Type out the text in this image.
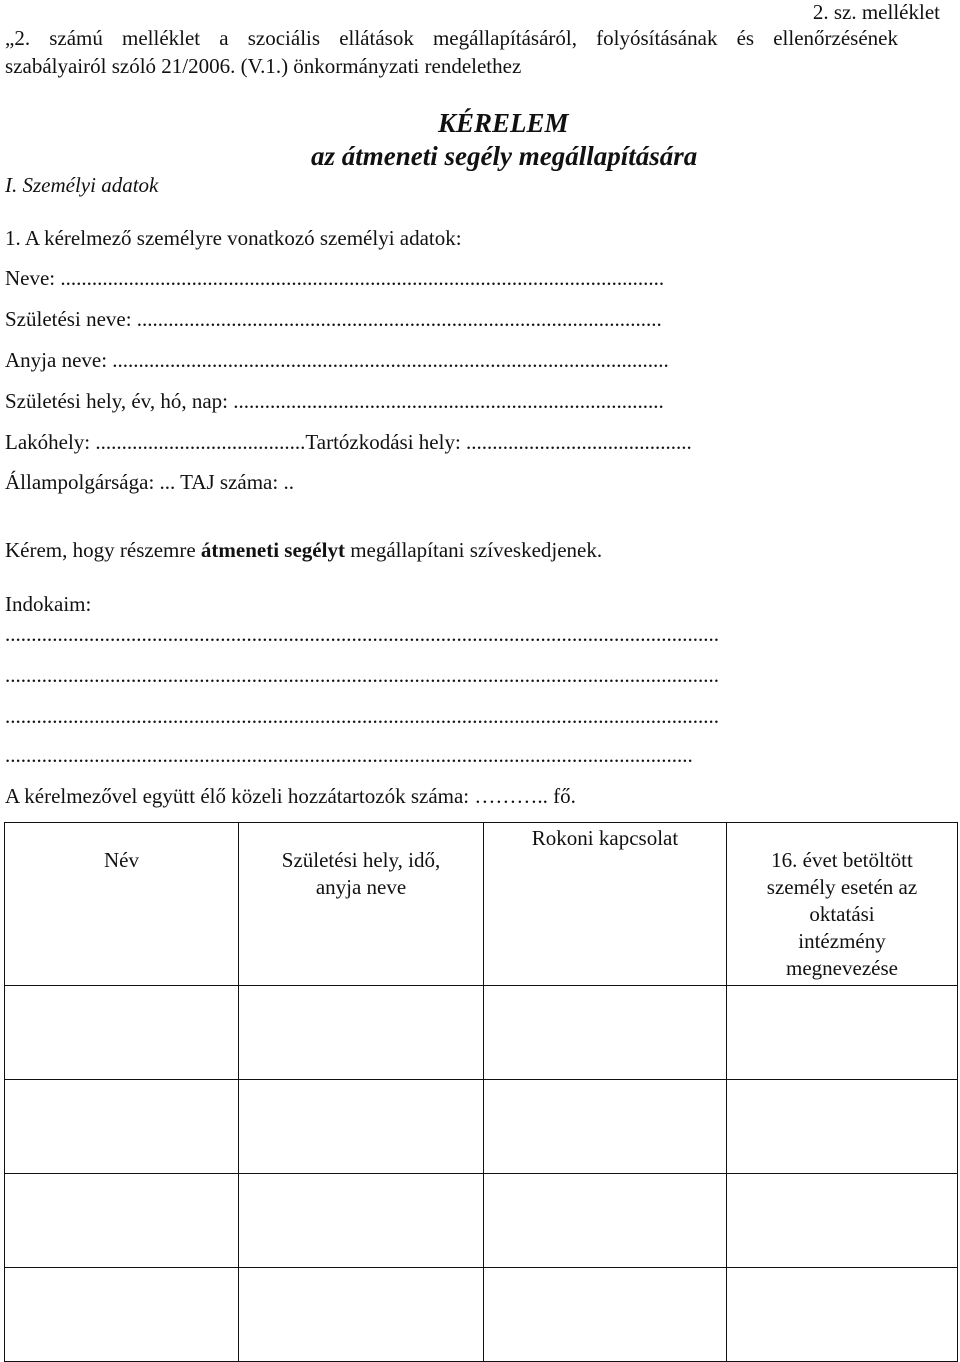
2. sz. melléklet
„2. számú melléklet a szociális ellátások megállapításáról, folyósításának és ellenőrzésének
szabályairól szóló 21/2006. (V.1.) önkormányzati rendelethez
KÉRELEM
az átmeneti segély megállapítására
I. Személyi adatok
1. A kérelmező személyre vonatkozó személyi adatok:
Neve: ...................................................................................................................
Születési neve: ....................................................................................................
Anyja neve: ..........................................................................................................
Születési hely, év, hó, nap: ..................................................................................
Lakóhely: ........................................Tartózkodási hely: ...........................................
Állampolgársága: ... TAJ száma: ..
Kérem, hogy részemre átmeneti segélyt megállapítani szíveskedjenek.
Indokaim:
........................................................................................................................................
........................................................................................................................................
........................................................................................................................................
...................................................................................................................................
A kérelmezővel együtt élő közeli hozzátartozók száma: ……….. fő.
Név	Születési hely, idő, anyja neve	Rokoni kapcsolat	16. évet betöltött személy esetén az oktatási intézmény megnevezése
